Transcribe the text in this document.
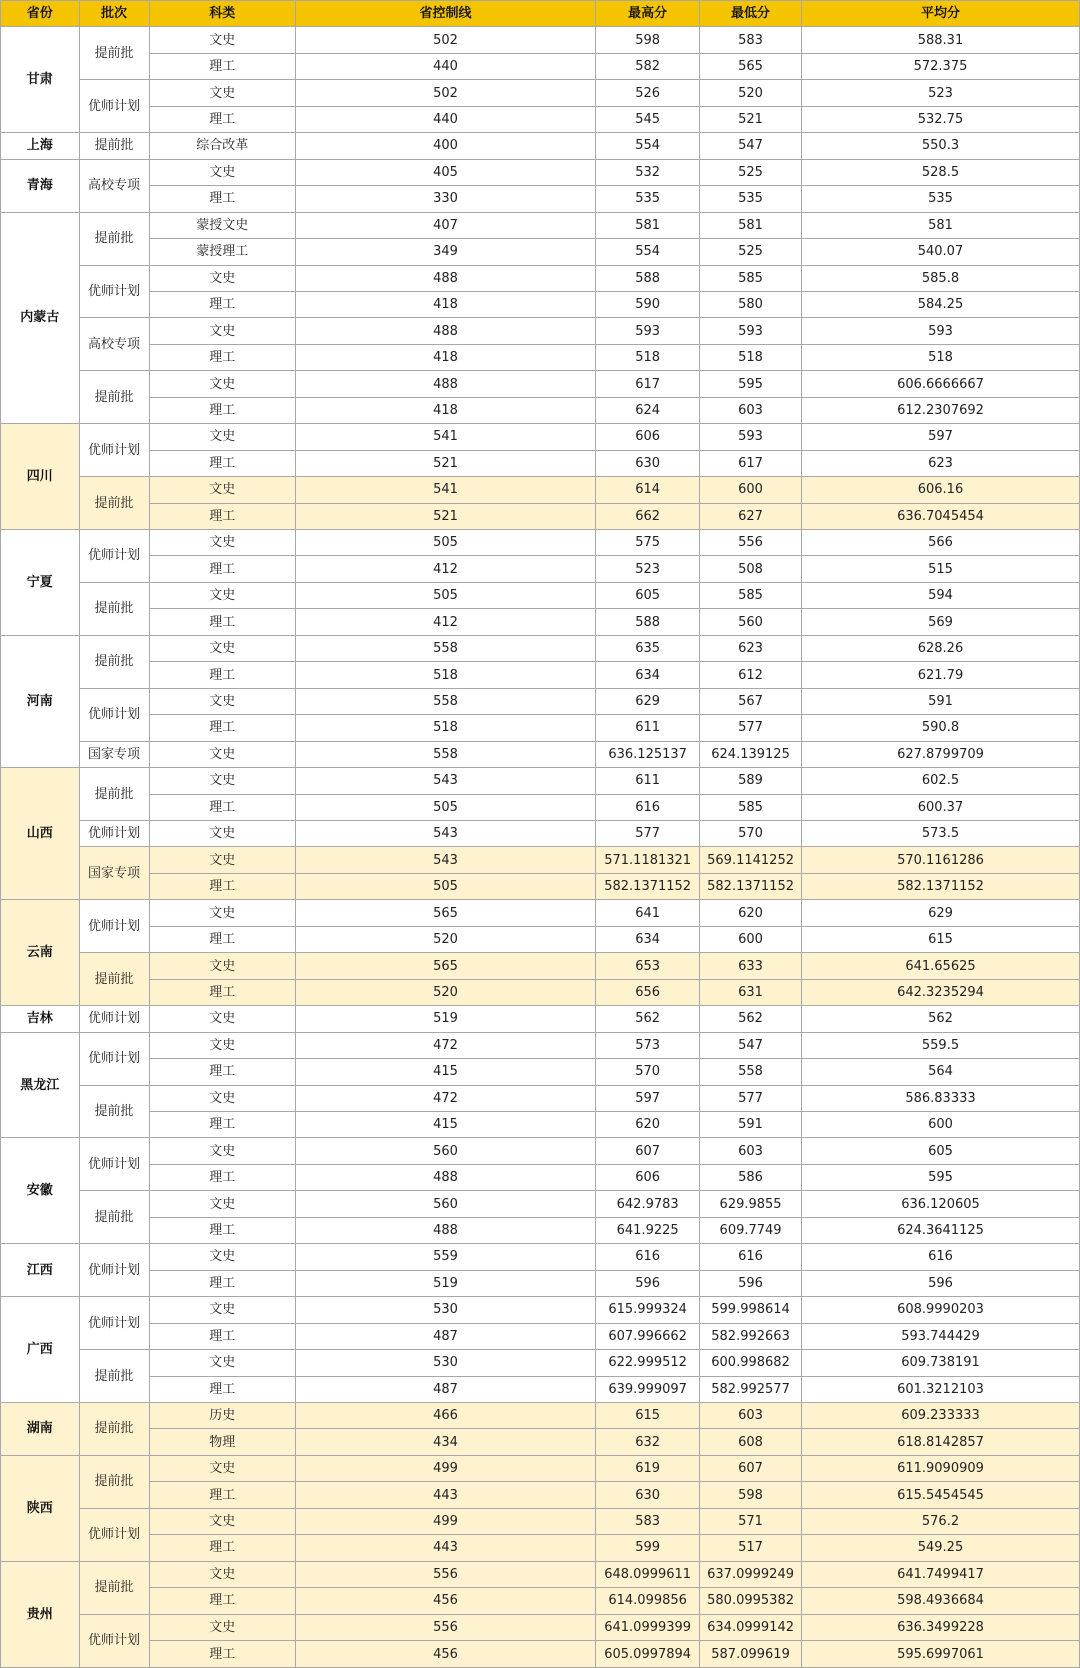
省份	批次	科类	省控制线	最高分	最低分	平均分
甘肃	提前批	文史	502	598	583	588.31
		理工	440	582	565	572.375
	优师计划	文史	502	526	520	523
		理工	440	545	521	532.75
上海	提前批	综合改革	400	554	547	550.3
青海	高校专项	文史	405	532	525	528.5
		理工	330	535	535	535
内蒙古	提前批	蒙授文史	407	581	581	581
		蒙授理工	349	554	525	540.07
	优师计划	文史	488	588	585	585.8
		理工	418	590	580	584.25
	高校专项	文史	488	593	593	593
		理工	418	518	518	518
	提前批	文史	488	617	595	606.6666667
		理工	418	624	603	612.2307692
四川	优师计划	文史	541	606	593	597
		理工	521	630	617	623
	提前批	文史	541	614	600	606.16
		理工	521	662	627	636.7045454
宁夏	优师计划	文史	505	575	556	566
		理工	412	523	508	515
	提前批	文史	505	605	585	594
		理工	412	588	560	569
河南	提前批	文史	558	635	623	628.26
		理工	518	634	612	621.79
	优师计划	文史	558	629	567	591
		理工	518	611	577	590.8
	国家专项	文史	558	636.125137	624.139125	627.8799709
山西	提前批	文史	543	611	589	602.5
		理工	505	616	585	600.37
	优师计划	文史	543	577	570	573.5
	国家专项	文史	543	571.1181321	569.1141252	570.1161286
		理工	505	582.1371152	582.1371152	582.1371152
云南	优师计划	文史	565	641	620	629
		理工	520	634	600	615
	提前批	文史	565	653	633	641.65625
		理工	520	656	631	642.3235294
吉林	优师计划	文史	519	562	562	562
黑龙江	优师计划	文史	472	573	547	559.5
		理工	415	570	558	564
	提前批	文史	472	597	577	586.83333
		理工	415	620	591	600
安徽	优师计划	文史	560	607	603	605
		理工	488	606	586	595
	提前批	文史	560	642.9783	629.9855	636.120605
		理工	488	641.9225	609.7749	624.3641125
江西	优师计划	文史	559	616	616	616
		理工	519	596	596	596
广西	优师计划	文史	530	615.999324	599.998614	608.9990203
		理工	487	607.996662	582.992663	593.744429
	提前批	文史	530	622.999512	600.998682	609.738191
		理工	487	639.999097	582.992577	601.3212103
湖南	提前批	历史	466	615	603	609.233333
		物理	434	632	608	618.8142857
陕西	提前批	文史	499	619	607	611.9090909
		理工	443	630	598	615.5454545
	优师计划	文史	499	583	571	576.2
		理工	443	599	517	549.25
贵州	提前批	文史	556	648.0999611	637.0999249	641.7499417
		理工	456	614.099856	580.0995382	598.4936684
	优师计划	文史	556	641.0999399	634.0999142	636.3499228
		理工	456	605.0997894	587.099619	595.6997061
